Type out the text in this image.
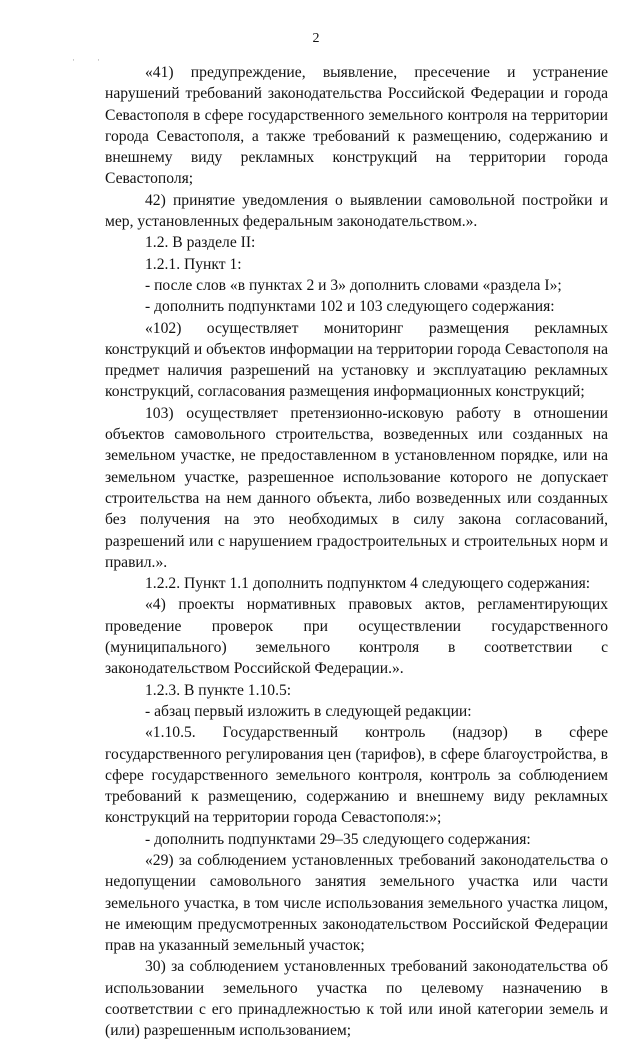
2
· ·

«41) предупреждение, выявление, пресечение и устранение нарушений требований законодательства Российской Федерации и города Севастополя в сфере государственного земельного контроля на территории города Севастополя, а также требований к размещению, содержанию и внешнему виду рекламных конструкций на территории города Севастополя;

42) принятие уведомления о выявлении самовольной постройки и мер, установленных федеральным законодательством.».

1.2. В разделе II:

1.2.1. Пункт 1:

- после слов «в пунктах 2 и 3» дополнить словами «раздела I»;

- дополнить подпунктами 102 и 103 следующего содержания:

«102) осуществляет мониторинг размещения рекламных конструкций и объектов информации на территории города Севастополя на предмет наличия разрешений на установку и эксплуатацию рекламных конструкций, согласования размещения информационных конструкций;

103) осуществляет претензионно-исковую работу в отношении объектов самовольного строительства, возведенных или созданных на земельном участке, не предоставленном в установленном порядке, или на земельном участке, разрешенное использование которого не допускает строительства на нем данного объекта, либо возведенных или созданных без получения на это необходимых в силу закона согласований, разрешений или с нарушением градостроительных и строительных норм и правил.».

1.2.2. Пункт 1.1 дополнить подпунктом 4 следующего содержания:

«4) проекты нормативных правовых актов, регламентирующих проведение проверок при осуществлении государственного (муниципального) земельного контроля в соответствии с законодательством Российской Федерации.».

1.2.3. В пункте 1.10.5:

- абзац первый изложить в следующей редакции:

«1.10.5. Государственный контроль (надзор) в сфере государственного регулирования цен (тарифов), в сфере благоустройства, в сфере государственного земельного контроля, контроль за соблюдением требований к размещению, содержанию и внешнему виду рекламных конструкций на территории города Севастополя:»;

- дополнить подпунктами 29–35 следующего содержания:

«29) за соблюдением установленных требований законодательства о недопущении самовольного занятия земельного участка или части земельного участка, в том числе использования земельного участка лицом, не имеющим предусмотренных законодательством Российской Федерации прав на указанный земельный участок;

30) за соблюдением установленных требований законодательства об использовании земельного участка по целевому назначению в соответствии с его принадлежностью к той или иной категории земель и (или) разрешенным использованием;
